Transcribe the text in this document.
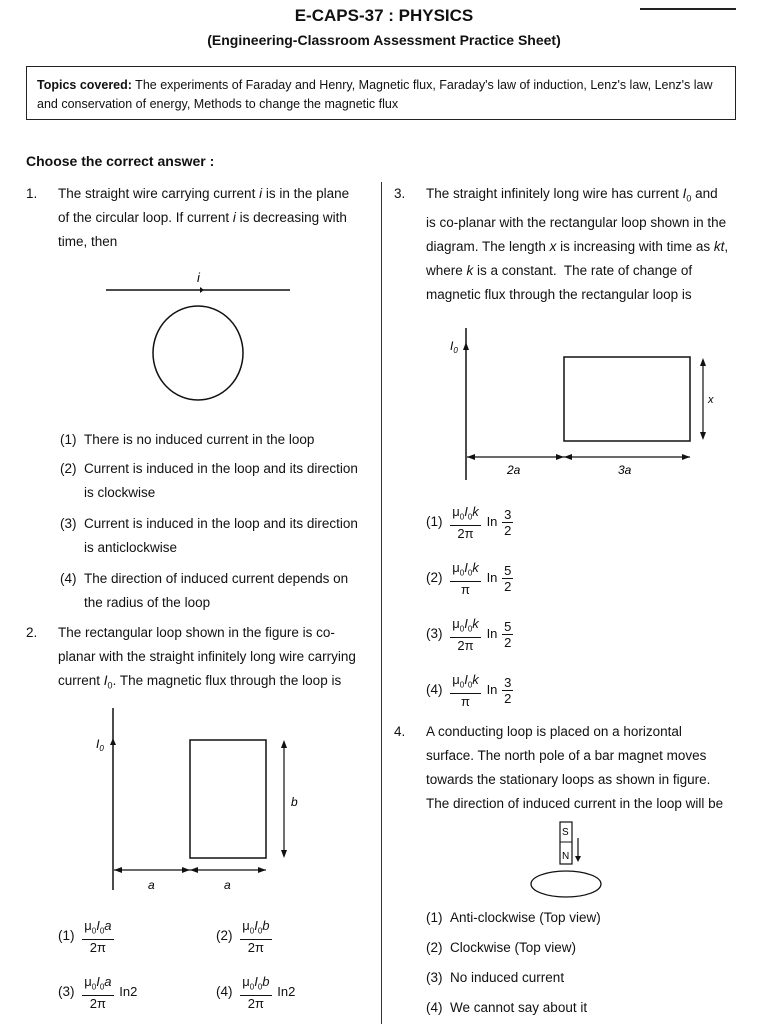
E-CAPS-37 : PHYSICS
(Engineering-Classroom Assessment Practice Sheet)
Topics covered: The experiments of Faraday and Henry, Magnetic flux, Faraday's law of induction, Lenz's law, Lenz's law and conservation of energy, Methods to change the magnetic flux
Choose the correct answer :
1. The straight wire carrying current i is in the plane
of the circular loop. If current i is decreasing with
time, then
i
(1) There is no induced current in the loop
(2) Current is induced in the loop and its direction
is clockwise
(3) Current is induced in the loop and its direction
is anticlockwise
(4) The direction of induced current depends on
the radius of the loop
2. The rectangular loop shown in the figure is co-
planar with the straight infinitely long wire carrying
current $I_0$. The magnetic flux through the loop is
$I_0$
b
a	a
$(1) \frac{\mu_0I_0a}{2\pi}$	$(2) \frac{\mu_0I_0b}{2\pi}$
$(3) \frac{\mu_0I_0a}{2\pi} In2$	$(4) \frac{\mu_0I_0b}{2\pi} In2$
3. The straight infinitely long wire has current $I_0$ and
is co-planar with the rectangular loop shown in the
diagram. The length x is increasing with time as kt,
where k is a constant.  The rate of change of
magnetic flux through the rectangular loop is
$I_0$
x
2a	3a
$(1) \frac{\mu_0I_0k}{2\pi}$ In $\frac{3}{2}$
$(2) \frac{\mu_0I_0k}{\pi}$ In $\frac{5}{2}$
$(3) \frac{\mu_0I_0k}{2\pi}$ In $\frac{5}{2}$
$(4) \frac{\mu_0I_0k}{\pi}$ In $\frac{3}{2}$
4. A conducting loop is placed on a horizontal
surface. The north pole of a bar magnet moves
towards the stationary loops as shown in figure.
The direction of induced current in the loop will be
S
N
(1) Anti-clockwise (Top view)
(2) Clockwise (Top view)
(3) No induced current
(4) We cannot say about it
